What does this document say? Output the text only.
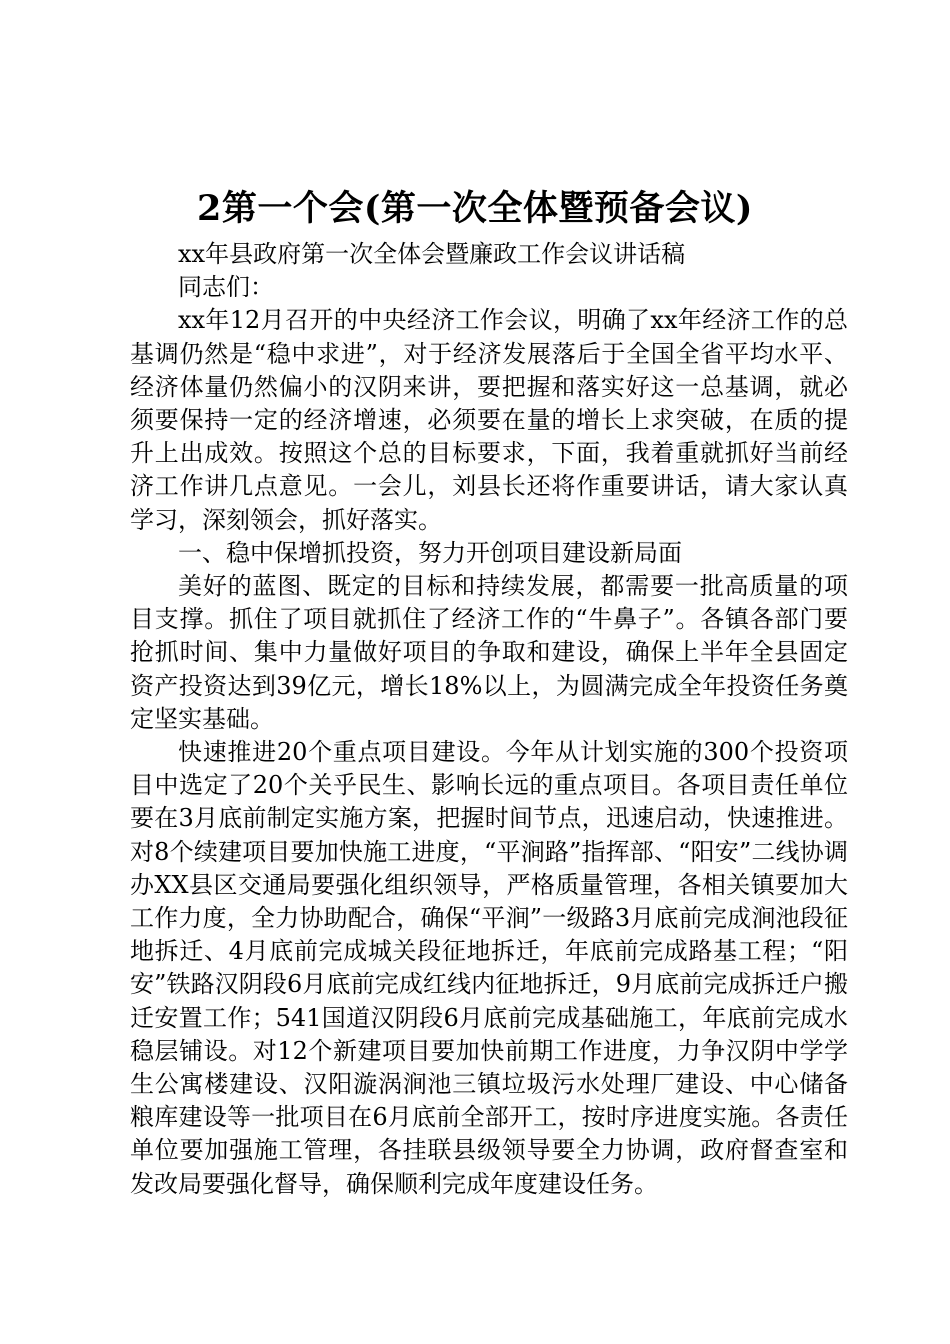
2第一个会(第一次全体暨预备会议)

xx年县政府第一次全体会暨廉政工作会议讲话稿

同志们：

xx年12月召开的中央经济工作会议，明确了xx年经济工作的总基调仍然是“稳中求进”，对于经济发展落后于全国全省平均水平、经济体量仍然偏小的汉阴来讲，要把握和落实好这一总基调，就必须要保持一定的经济增速，必须要在量的增长上求突破，在质的提升上出成效。按照这个总的目标要求，下面，我着重就抓好当前经济工作讲几点意见。一会儿，刘县长还将作重要讲话，请大家认真学习，深刻领会，抓好落实。

一、稳中保增抓投资，努力开创项目建设新局面

美好的蓝图、既定的目标和持续发展，都需要一批高质量的项目支撑。抓住了项目就抓住了经济工作的“牛鼻子”。各镇各部门要抢抓时间、集中力量做好项目的争取和建设，确保上半年全县固定资产投资达到39亿元，增长18%以上，为圆满完成全年投资任务奠定坚实基础。

快速推进20个重点项目建设。今年从计划实施的300个投资项目中选定了20个关乎民生、影响长远的重点项目。各项目责任单位要在3月底前制定实施方案，把握时间节点，迅速启动，快速推进。对8个续建项目要加快施工进度，“平涧路”指挥部、“阳安”二线协调办XX县区交通局要强化组织领导，严格质量管理，各相关镇要加大工作力度，全力协助配合，确保“平涧”一级路3月底前完成涧池段征地拆迁、4月底前完成城关段征地拆迁，年底前完成路基工程；“阳安”铁路汉阴段6月底前完成红线内征地拆迁，9月底前完成拆迁户搬迁安置工作；541国道汉阴段6月底前完成基础施工，年底前完成水稳层铺设。对12个新建项目要加快前期工作进度，力争汉阴中学学生公寓楼建设、汉阳漩涡涧池三镇垃圾污水处理厂建设、中心储备粮库建设等一批项目在6月底前全部开工，按时序进度实施。各责任单位要加强施工管理，各挂联县级领导要全力协调，政府督查室和发改局要强化督导，确保顺利完成年度建设任务。
